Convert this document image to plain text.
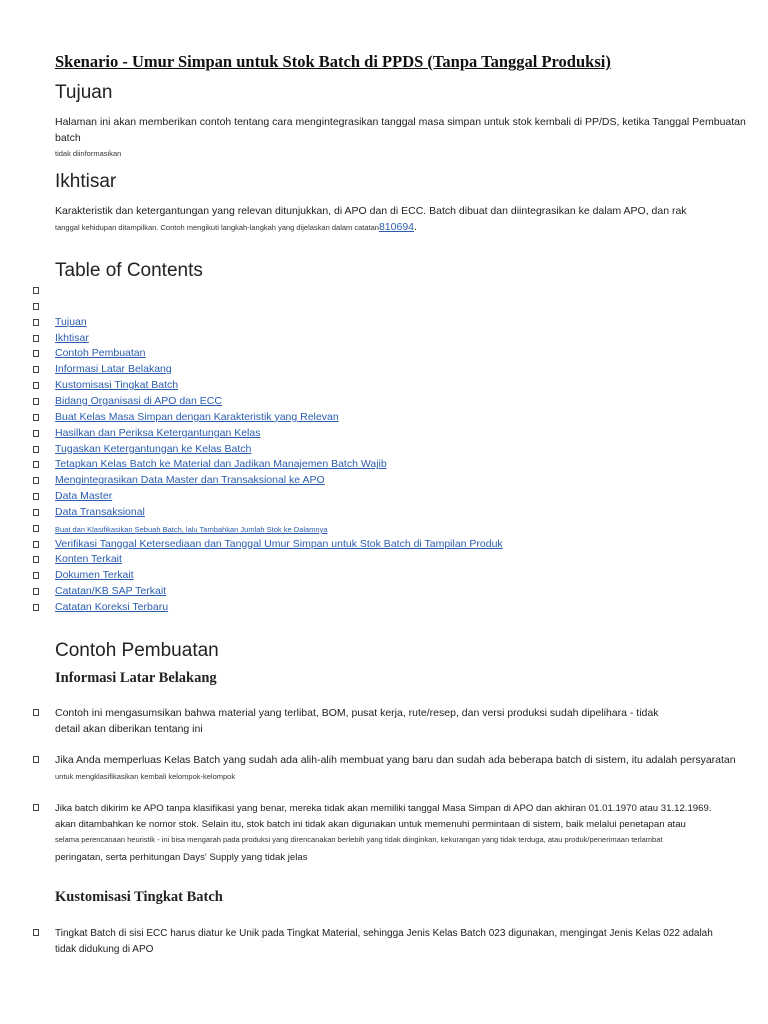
Skenario - Umur Simpan untuk Stok Batch di PPDS (Tanpa Tanggal Produksi)
Tujuan
Halaman ini akan memberikan contoh tentang cara mengintegrasikan tanggal masa simpan untuk stok kembali di PP/DS, ketika Tanggal Pembuatan batch
tidak diinformasikan
Ikhtisar
Karakteristik dan ketergantungan yang relevan ditunjukkan, di APO dan di ECC. Batch dibuat dan diintegrasikan ke dalam APO, dan rak
tanggal kehidupan ditampilkan. Contoh mengikuti langkah-langkah yang dijelaskan dalam catatan810694.
Table of Contents
Tujuan
Ikhtisar
Contoh Pembuatan
Informasi Latar Belakang
Kustomisasi Tingkat Batch
Bidang Organisasi di APO dan ECC
Buat Kelas Masa Simpan dengan Karakteristik yang Relevan
Hasilkan dan Periksa Ketergantungan Kelas
Tugaskan Ketergantungan ke Kelas Batch
Tetapkan Kelas Batch ke Material dan Jadikan Manajemen Batch Wajib
Mengintegrasikan Data Master dan Transaksional ke APO
Data Master
Data Transaksional
Buat dan Klasifikasikan Sebuah Batch, lalu Tambahkan Jumlah Stok ke Dalamnya
Verifikasi Tanggal Ketersediaan dan Tanggal Umur Simpan untuk Stok Batch di Tampilan Produk
Konten Terkait
Dokumen Terkait
Catatan/KB SAP Terkait
Catatan Koreksi Terbaru
Contoh Pembuatan
Informasi Latar Belakang
Contoh ini mengasumsikan bahwa material yang terlibat, BOM, pusat kerja, rute/resep, dan versi produksi sudah dipelihara - tidak
detail akan diberikan tentang ini
Jika Anda memperluas Kelas Batch yang sudah ada alih-alih membuat yang baru dan sudah ada beberapa batch di sistem, itu adalah persyaratan
untuk mengklasifikasikan kembali kelompok-kelompok
Jika batch dikirim ke APO tanpa klasifikasi yang benar, mereka tidak akan memiliki tanggal Masa Simpan di APO dan akhiran 01.01.1970 atau 31.12.1969.
akan ditambahkan ke nomor stok. Selain itu, stok batch ini tidak akan digunakan untuk memenuhi permintaan di sistem, baik melalui penetapan atau
selama perencanaan heuristik - ini bisa mengarah pada produksi yang direncanakan berlebih yang tidak diinginkan, kekurangan yang tidak terduga, atau produk/penerimaan terlambat
peringatan, serta perhitungan Days' Supply yang tidak jelas
Kustomisasi Tingkat Batch
Tingkat Batch di sisi ECC harus diatur ke Unik pada Tingkat Material, sehingga Jenis Kelas Batch 023 digunakan, mengingat Jenis Kelas 022 adalah
tidak didukung di APO
